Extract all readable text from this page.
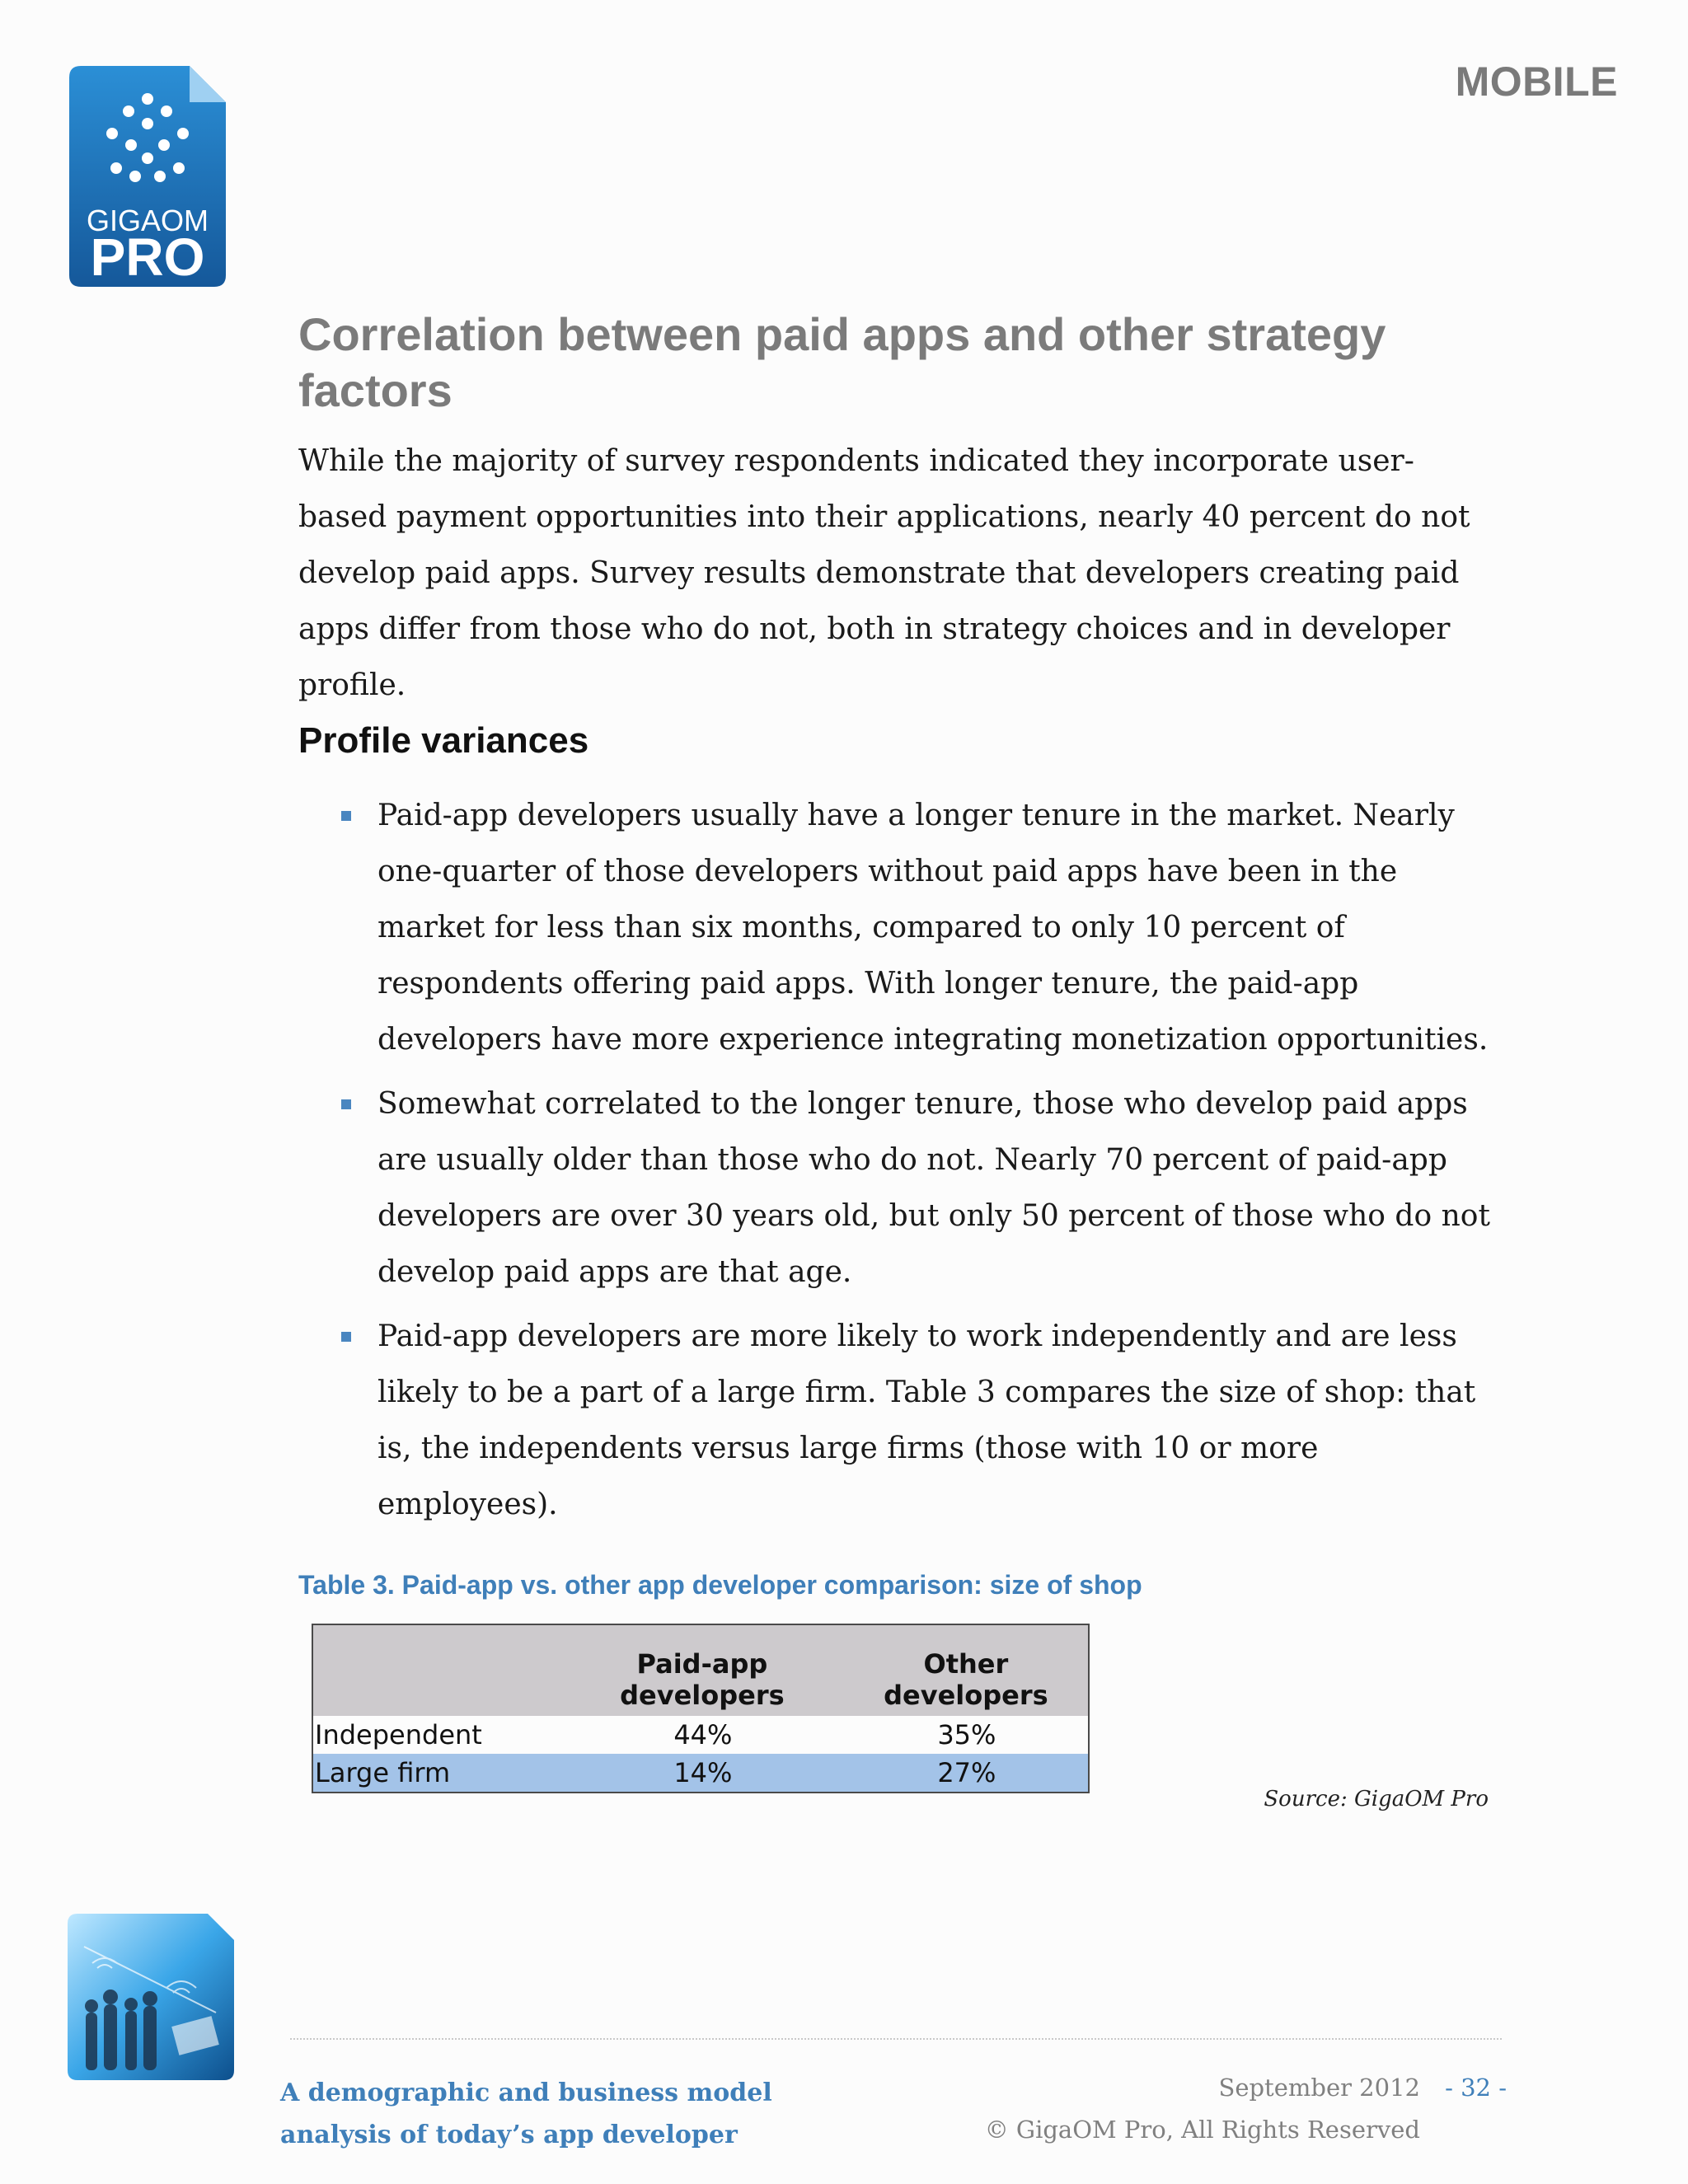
GIGAOM
PRO
MOBILE
Correlation between paid apps and other strategy factors

While the majority of survey respondents indicated they incorporate user-based payment opportunities into their applications, nearly 40 percent do not develop paid apps. Survey results demonstrate that developers creating paid apps differ from those who do not, both in strategy choices and in developer profile.

Profile variances
Paid-app developers usually have a longer tenure in the market. Nearly one-quarter of those developers without paid apps have been in the market for less than six months, compared to only 10 percent of respondents offering paid apps. With longer tenure, the paid-app developers have more experience integrating monetization opportunities.
Somewhat correlated to the longer tenure, those who develop paid apps are usually older than those who do not. Nearly 70 percent of paid-app developers are over 30 years old, but only 50 percent of those who do not develop paid apps are that age.
Paid-app developers are more likely to work independently and are less likely to be a part of a large firm. Table 3 compares the size of shop: that is, the independents versus large firms (those with 10 or more employees).
Table 3. Paid-app vs. other app developer comparison: size of shop
	Paid-app developers	Other developers
Independent	44%	35%
Large firm	14%	27%
Source: GigaOM Pro
A demographic and business model
analysis of today’s app developer
September 2012 - 32 -
© GigaOM Pro, All Rights Reserved
